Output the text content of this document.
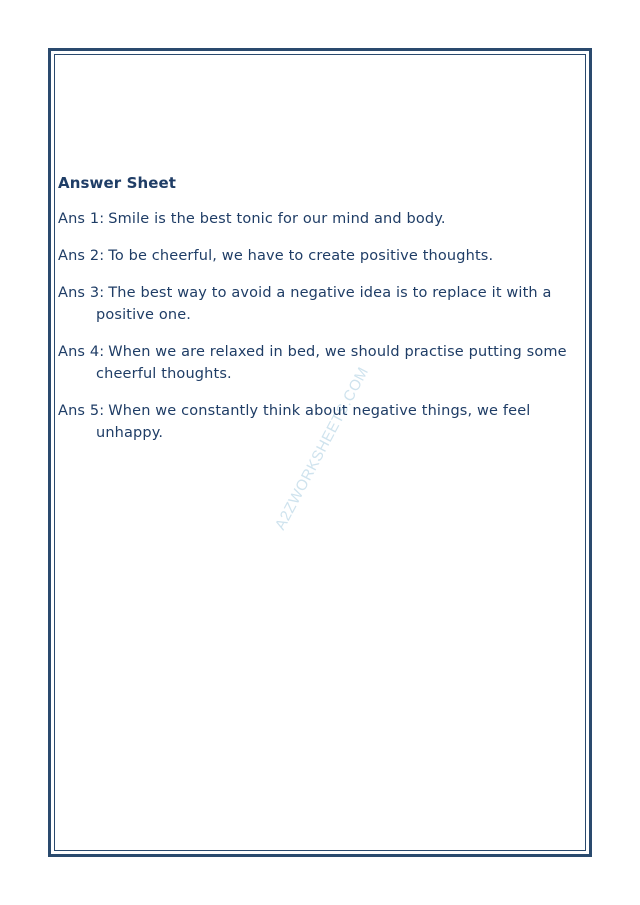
A2ZWORKSHEETS.COM
Answer Sheet
Ans 1: Smile is the best tonic for our mind and body.
Ans 2: To be cheerful, we have to create positive thoughts.
Ans 3: The best way to avoid a negative idea is to replace it with a positive one.
Ans 4: When we are relaxed in bed, we should practise putting some cheerful thoughts.
Ans 5: When we constantly think about negative things, we feel unhappy.
